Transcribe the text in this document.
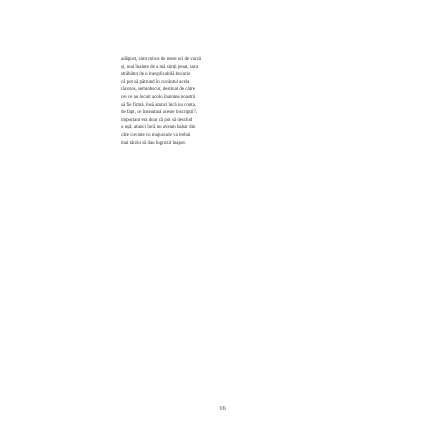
adăpost, simt miros de mere ori de varză
și, mai înainte de a mă simți jenat, sunt
străbătut de o inexplicabilă bucurie
că pot să pătrund în cuvântul acela
răcoros, semiobscur, destinat de către
cei ce au locuit acolo înaintea noastră
să fie firmă, însă atunci încă nu conta,
de fapt, ce înseamnă aceste inscripții?,
important era doar că pot să deschid
o ușă; atunci încă nu aveam habar din
câte cuvinte cu majuscule va trebui
mai târziu să dau îngrozit înapoi.
16
